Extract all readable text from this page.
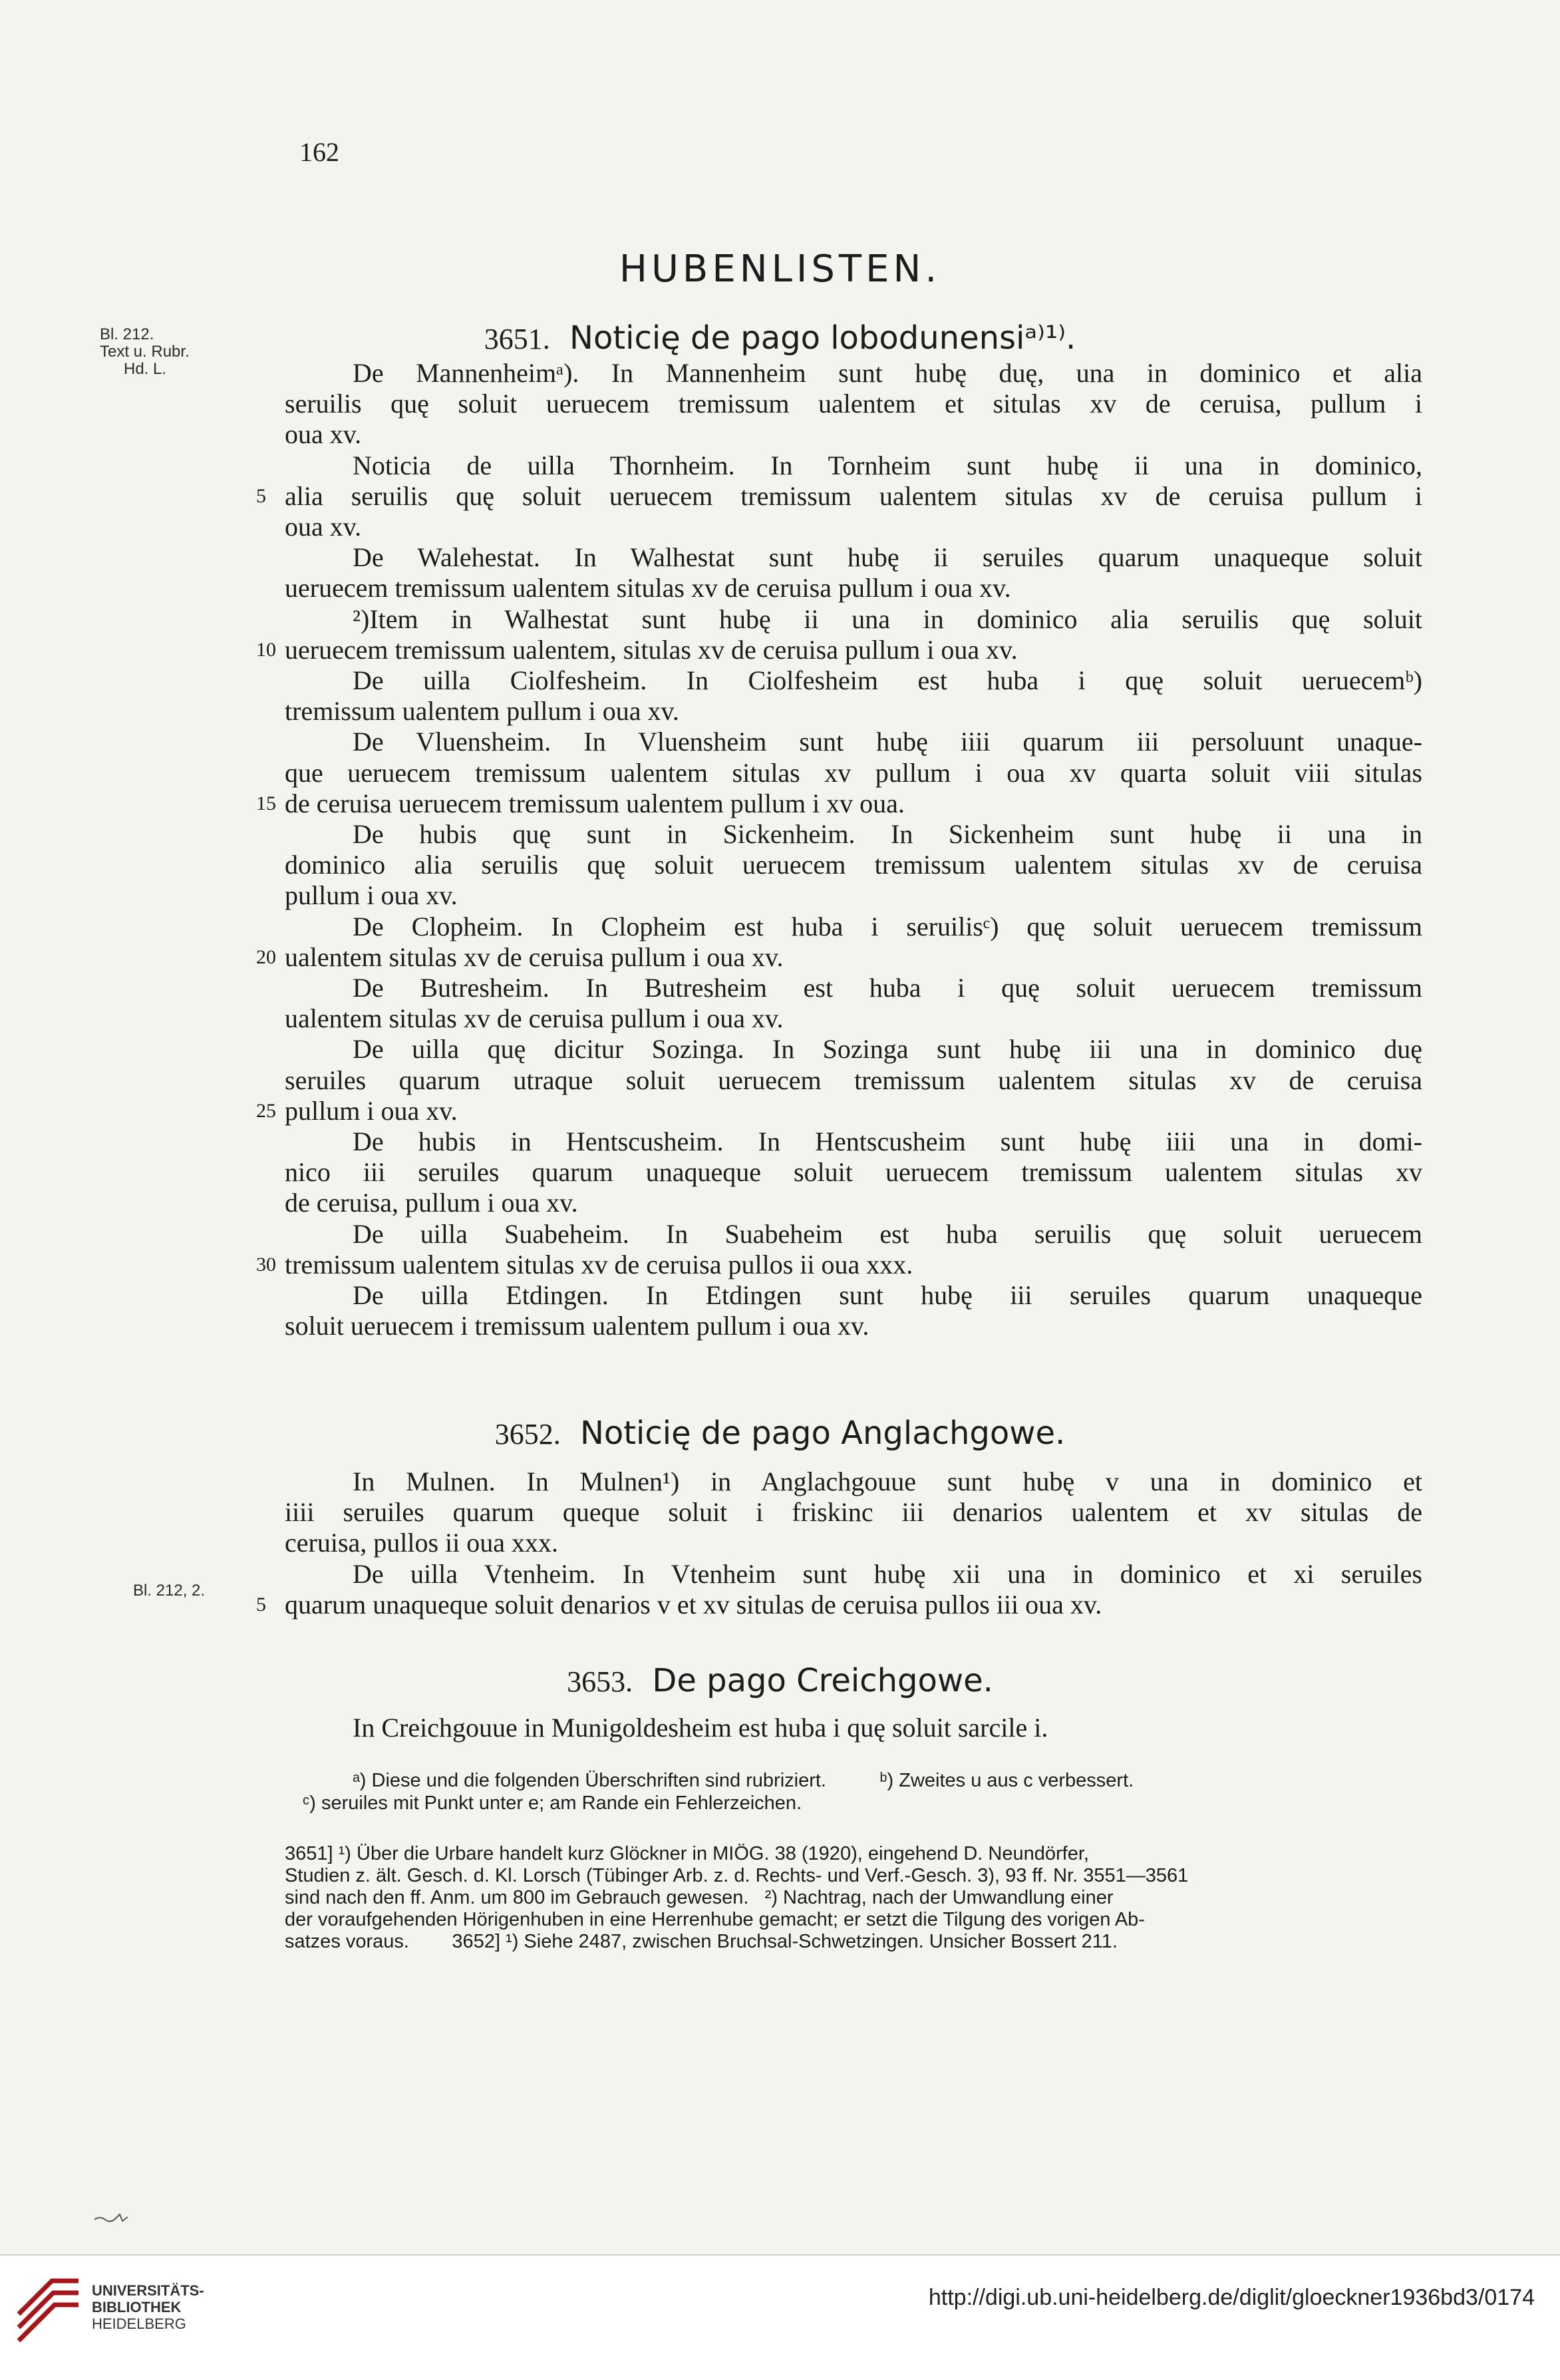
162
HUBENLISTEN.
Bl. 212.
Text u. Rubr.
Hd. L.
Bl. 212, 2.
3651. Noticię de pago lobodunensiᵃ⁾¹⁾.
De Mannenheimᵃ). In Mannenheim sunt hubę duę, una in dominico et alia
seruilis quę soluit ueruecem tremissum ualentem et situlas xv de ceruisa, pullum i
oua xv.
Noticia de uilla Thornheim. In Tornheim sunt hubę ii una in dominico,
alia seruilis quę soluit ueruecem tremissum ualentem situlas xv de ceruisa pullum i
5
oua xv.
De Walehestat. In Walhestat sunt hubę ii seruiles quarum unaqueque soluit
ueruecem tremissum ualentem situlas xv de ceruisa pullum i oua xv.
²)Item in Walhestat sunt hubę ii una in dominico alia seruilis quę soluit
ueruecem tremissum ualentem, situlas xv de ceruisa pullum i oua xv.
10
De uilla Ciolfesheim. In Ciolfesheim est huba i quę soluit ueruecemᵇ)
tremissum ualentem pullum i oua xv.
De Vluensheim. In Vluensheim sunt hubę iiii quarum iii persoluunt unaque-
que ueruecem tremissum ualentem situlas xv pullum i oua xv quarta soluit viii situlas
de ceruisa ueruecem tremissum ualentem pullum i xv oua.
15
De hubis quę sunt in Sickenheim. In Sickenheim sunt hubę ii una in
dominico alia seruilis quę soluit ueruecem tremissum ualentem situlas xv de ceruisa
pullum i oua xv.
De Clopheim. In Clopheim est huba i seruilisᶜ) quę soluit ueruecem tremissum
ualentem situlas xv de ceruisa pullum i oua xv.
20
De Butresheim. In Butresheim est huba i quę soluit ueruecem tremissum
ualentem situlas xv de ceruisa pullum i oua xv.
De uilla quę dicitur Sozinga. In Sozinga sunt hubę iii una in dominico duę
seruiles quarum utraque soluit ueruecem tremissum ualentem situlas xv de ceruisa
pullum i oua xv.
25
De hubis in Hentscusheim. In Hentscusheim sunt hubę iiii una in domi-
nico iii seruiles quarum unaqueque soluit ueruecem tremissum ualentem situlas xv
de ceruisa, pullum i oua xv.
De uilla Suabeheim. In Suabeheim est huba seruilis quę soluit ueruecem
tremissum ualentem situlas xv de ceruisa pullos ii oua xxx.
30
De uilla Etdingen. In Etdingen sunt hubę iii seruiles quarum unaqueque
soluit ueruecem i tremissum ualentem pullum i oua xv.
3652. Noticię de pago Anglachgowe.
In Mulnen. In Mulnen¹) in Anglachgouue sunt hubę v una in dominico et
iiii seruiles quarum queque soluit i friskinc iii denarios ualentem et xv situlas de
ceruisa, pullos ii oua xxx.
De uilla Vtenheim. In Vtenheim sunt hubę xii una in dominico et xi seruiles
quarum unaqueque soluit denarios v et xv situlas de ceruisa pullos iii oua xv.
5
3653. De pago Creichgowe.
In Creichgouue in Munigoldesheim est huba i quę soluit sarcile i.
ᵃ) Diese und die folgenden Überschriften sind rubriziert.          ᵇ) Zweites u aus c verbessert.
ᶜ) seruiles mit Punkt unter e; am Rande ein Fehlerzeichen.
3651] ¹) Über die Urbare handelt kurz Glöckner in MIÖG. 38 (1920), eingehend D. Neundörfer,
Studien z. ält. Gesch. d. Kl. Lorsch (Tübinger Arb. z. d. Rechts- und Verf.-Gesch. 3), 93 ff. Nr. 3551—3561
sind nach den ff. Anm. um 800 im Gebrauch gewesen.   ²) Nachtrag, nach der Umwandlung einer
der voraufgehenden Hörigenhuben in eine Herrenhube gemacht; er setzt die Tilgung des vorigen Ab-
satzes voraus.        3652] ¹) Siehe 2487, zwischen Bruchsal-Schwetzingen. Unsicher Bossert 211.
UNIVERSITÄTS-
BIBLIOTHEK
HEIDELBERG
http://digi.ub.uni-heidelberg.de/diglit/gloeckner1936bd3/0174
